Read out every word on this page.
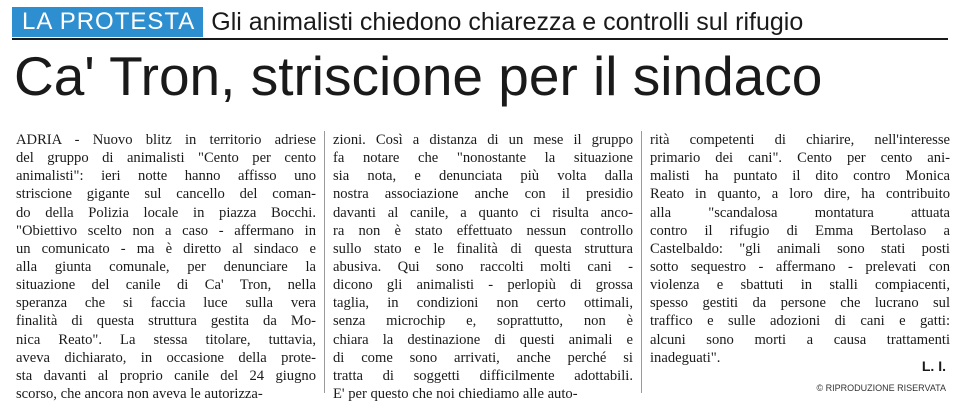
LA PROTESTA Gli animalisti chiedono chiarezza e controlli sul rifugio
Ca' Tron, striscione per il sindaco
ADRIA - Nuovo blitz in territorio adriese
del gruppo di animalisti "Cento per cento
animalisti": ieri notte hanno affisso uno
striscione gigante sul cancello del coman-
do della Polizia locale in piazza Bocchi.
"Obiettivo scelto non a caso - affermano in
un comunicato - ma è diretto al sindaco e
alla giunta comunale, per denunciare la
situazione del canile di Ca' Tron, nella
speranza che si faccia luce sulla vera
finalità di questa struttura gestita da Mo-
nica Reato". La stessa titolare, tuttavia,
aveva dichiarato, in occasione della prote-
sta davanti al proprio canile del 24 giugno
scorso, che ancora non aveva le autorizza-
zioni. Così a distanza di un mese il gruppo
fa notare che "nonostante la situazione
sia nota, e denunciata più volta dalla
nostra associazione anche con il presidio
davanti al canile, a quanto ci risulta anco-
ra non è stato effettuato nessun controllo
sullo stato e le finalità di questa struttura
abusiva. Qui sono raccolti molti cani -
dicono gli animalisti - perlopiù di grossa
taglia, in condizioni non certo ottimali,
senza microchip e, soprattutto, non è
chiara la destinazione di questi animali e
di come sono arrivati, anche perché si
tratta di soggetti difficilmente adottabili.
E' per questo che noi chiediamo alle auto-
rità competenti di chiarire, nell'interesse
primario dei cani". Cento per cento ani-
malisti ha puntato il dito contro Monica
Reato in quanto, a loro dire, ha contribuito
alla "scandalosa montatura attuata
contro il rifugio di Emma Bertolaso a
Castelbaldo: "gli animali sono stati posti
sotto sequestro - affermano - prelevati con
violenza e sbattuti in stalli compiacenti,
spesso gestiti da persone che lucrano sul
traffico e sulle adozioni di cani e gatti:
alcuni sono morti a causa trattamenti
inadeguati".
L. I.
© RIPRODUZIONE RISERVATA
